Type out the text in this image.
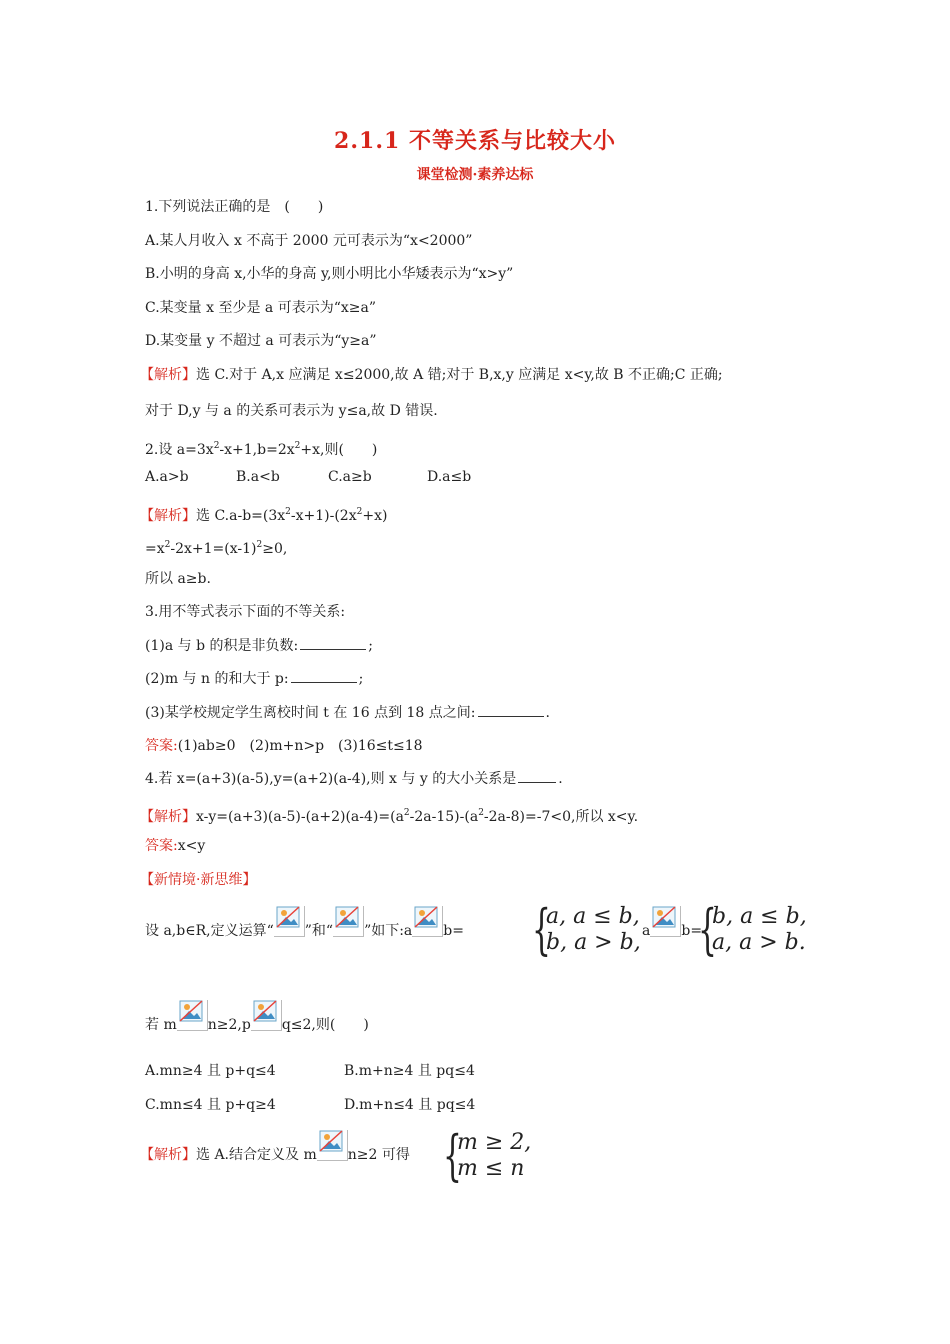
2.1.1 不等关系与比较大小
课堂检测·素养达标
1.下列说法正确的是　(　　)
A.某人月收入 x 不高于 2000 元可表示为“x<2000”
B.小明的身高 x,小华的身高 y,则小明比小华矮表示为“x>y”
C.某变量 x 至少是 a 可表示为“x≥a”
D.某变量 y 不超过 a 可表示为“y≥a”
【解析】选 C.对于 A,x 应满足 x≤2000,故 A 错;对于 B,x,y 应满足 x<y,故 B 不正确;C 正确;
对于 D,y 与 a 的关系可表示为 y≤a,故 D 错误.
2.设 $a=3x^2-x+1,b=2x^2+x$,则(　　)
A.a>b	B.a<b	C.a≥b	D.a≤b
【解析】选 $C.a-b=(3x^2-x+1)-(2x^2+x)$
$=x^2-2x+1=(x-1)^2\ge 0$,
所以 a≥b.
3.用不等式表示下面的不等关系:
(1)a 与 b 的积是非负数:	;
(2)m 与 n 的和大于 p:	;
(3)某学校规定学生离校时间 t 在 16 点到 18 点之间:	.
答案:(1)ab≥0　(2)m+n>p　(3)16≤t≤18
4.若 x=(a+3)(a-5),y=(a+2)(a-4),则 x 与 y 的大小关系是	.
【解析】$x-y=(a+3)(a-5)-(a+2)(a-4)=(a^2-2a-15)-(a^2-2a-8)=-7<0$,所以 x<y.
答案:x<y
【新情境·新思维】
设 a,b∈R,定义运算“ ”和“ ”如下:a b= {
a, a ≤ b,
b, a > b, a b=
{
b, a ≤ b,
a, a > b.
若 m n≥2,p q≤2,则(　　)
A.mn≥4 且 p+q≤4	B.m+n≥4 且 pq≤4
C.mn≤4 且 p+q≥4	D.m+n≤4 且 pq≤4
【解析】选 A.结合定义及 m n≥2 可得 {
m ≥ 2,
m ≤ n
